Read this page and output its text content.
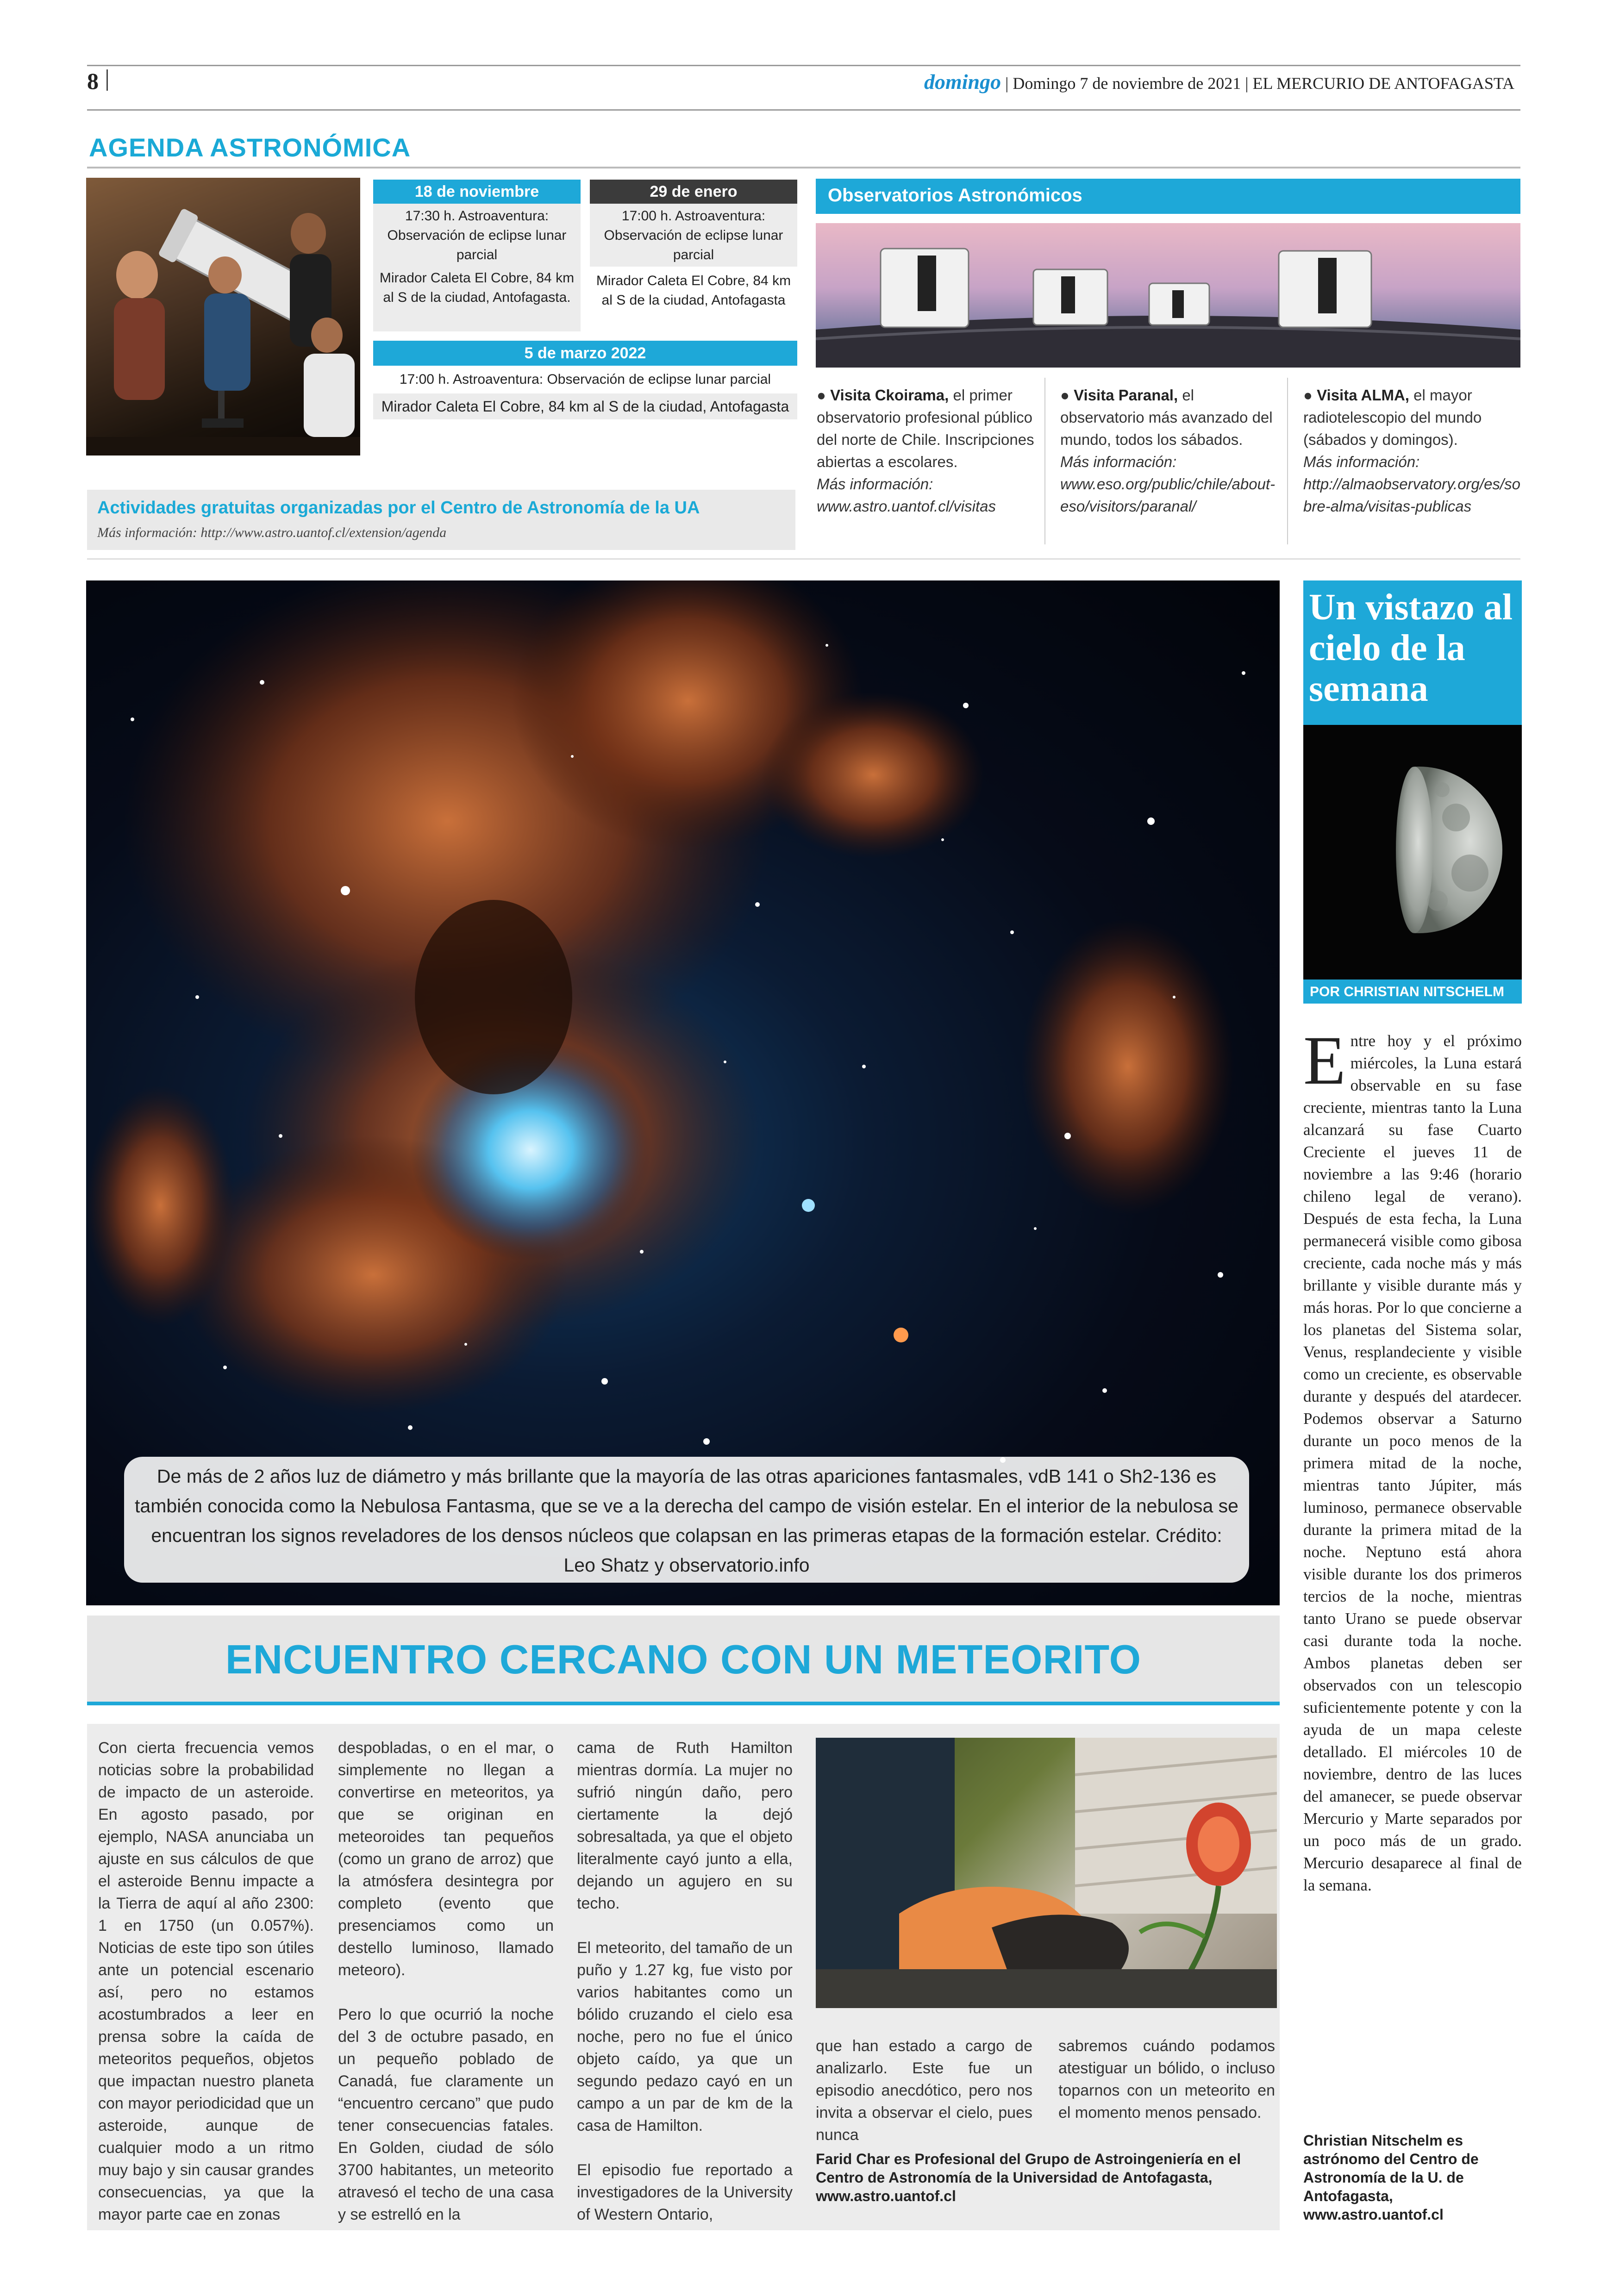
8	domingo | Domingo 7 de noviembre de 2021 | EL MERCURIO DE ANTOFAGASTA
AGENDA ASTRONÓMICA
18 de noviembre
17:30 h. Astroaventura: Observación de eclipse lunar parcial
Mirador Caleta El Cobre, 84 km al S de la ciudad, Antofagasta.
29 de enero
17:00 h. Astroaventura: Observación de eclipse lunar parcial
Mirador Caleta El Cobre, 84 km al S de la ciudad, Antofagasta
5 de marzo 2022
17:00 h. Astroaventura: Observación de eclipse lunar parcial
Mirador Caleta El Cobre, 84 km al S de la ciudad, Antofagasta
Actividades gratuitas organizadas por el Centro de Astronomía de la UA
Más información: http://www.astro.uantof.cl/extension/agenda
Observatorios Astronómicos
● Visita Ckoirama, el primer observatorio profesional público del norte de Chile. Inscripciones abiertas a escolares.
Más información:
www.astro.uantof.cl/visitas
● Visita Paranal, el observatorio más avanzado del mundo, todos los sábados.
Más información:
www.eso.org/public/chile/about-eso/visitors/paranal/
● Visita ALMA, el mayor radiotelescopio del mundo (sábados y domingos).
Más información:
http://almaobservatory.org/es/sobre-alma/visitas-publicas
De más de 2 años luz de diámetro y más brillante que la mayoría de las otras apariciones fantasmales, vdB 141 o Sh2-136 es también conocida como la Nebulosa Fantasma, que se ve a la derecha del campo de visión estelar. En el interior de la nebulosa se encuentran los signos reveladores de los densos núcleos que colapsan en las primeras etapas de la formación estelar. Crédito: Leo Shatz y observatorio.info
ENCUENTRO CERCANO CON UN METEORITO

Con cierta frecuencia vemos noticias sobre la probabilidad de impacto de un asteroide. En agosto pasado, por ejemplo, NASA anunciaba un ajuste en sus cálculos de que el asteroide Bennu impacte a la Tierra de aquí al año 2300: 1 en 1750 (un 0.057%). Noticias de este tipo son útiles ante un potencial escenario así, pero no estamos acostumbrados a leer en prensa sobre la caída de meteoritos pequeños, objetos que impactan nuestro planeta con mayor periodicidad que un asteroide, aunque de cualquier modo a un ritmo muy bajo y sin causar grandes consecuencias, ya que la mayor parte cae en zonas

despobladas, o en el mar, o simplemente no llegan a convertirse en meteoritos, ya que se originan en meteoroides tan pequeños (como un grano de arroz) que la atmósfera desintegra por completo (evento que presenciamos como un destello luminoso, llamado meteoro).

Pero lo que ocurrió la noche del 3 de octubre pasado, en un pequeño poblado de Canadá, fue claramente un “encuentro cercano” que pudo tener consecuencias fatales. En Golden, ciudad de sólo 3700 habitantes, un meteorito atravesó el techo de una casa y se estrelló en la

cama de Ruth Hamilton mientras dormía. La mujer no sufrió ningún daño, pero ciertamente la dejó sobresaltada, ya que el objeto literalmente cayó junto a ella, dejando un agujero en su techo.

El meteorito, del tamaño de un puño y 1.27 kg, fue visto por varios habitantes como un bólido cruzando el cielo esa noche, pero no fue el único objeto caído, ya que un segundo pedazo cayó en un campo a un par de km de la casa de Hamilton.

El episodio fue reportado a investigadores de la University of Western Ontario,

que han estado a cargo de analizarlo. Este fue un episodio anecdótico, pero nos invita a observar el cielo, pues nunca

sabremos cuándo podamos atestiguar un bólido, o incluso toparnos con un meteorito en el momento menos pensado.

Farid Char es Profesional del Grupo de Astroingeniería en el Centro de Astronomía de la Universidad de Antofagasta, www.astro.uantof.cl
Un vistazo al cielo de la semana
POR CHRISTIAN NITSCHELM
Entre hoy y el próximo miércoles, la Luna estará observable en su fase creciente, mientras tanto la Luna alcanzará su fase Cuarto Creciente el jueves 11 de noviembre a las 9:46 (horario chileno legal de verano). Después de esta fecha, la Luna permanecerá visible como gibosa creciente, cada noche más y más brillante y visible durante más y más horas. Por lo que concierne a los planetas del Sistema solar, Venus, resplandeciente y visible como un creciente, es observable durante y después del atardecer. Podemos observar a Saturno durante un poco menos de la primera mitad de la noche, mientras tanto Júpiter, más luminoso, permanece observable durante la primera mitad de la noche. Neptuno está ahora visible durante los dos primeros tercios de la noche, mientras tanto Urano se puede observar casi durante toda la noche. Ambos planetas deben ser observados con un telescopio suficientemente potente y con la ayuda de un mapa celeste detallado. El miércoles 10 de noviembre, dentro de las luces del amanecer, se puede observar Mercurio y Marte separados por un poco más de un grado. Mercurio desaparece al final de la semana.
Christian Nitschelm es astrónomo del Centro de Astronomía de la U. de Antofagasta, www.astro.uantof.cl
